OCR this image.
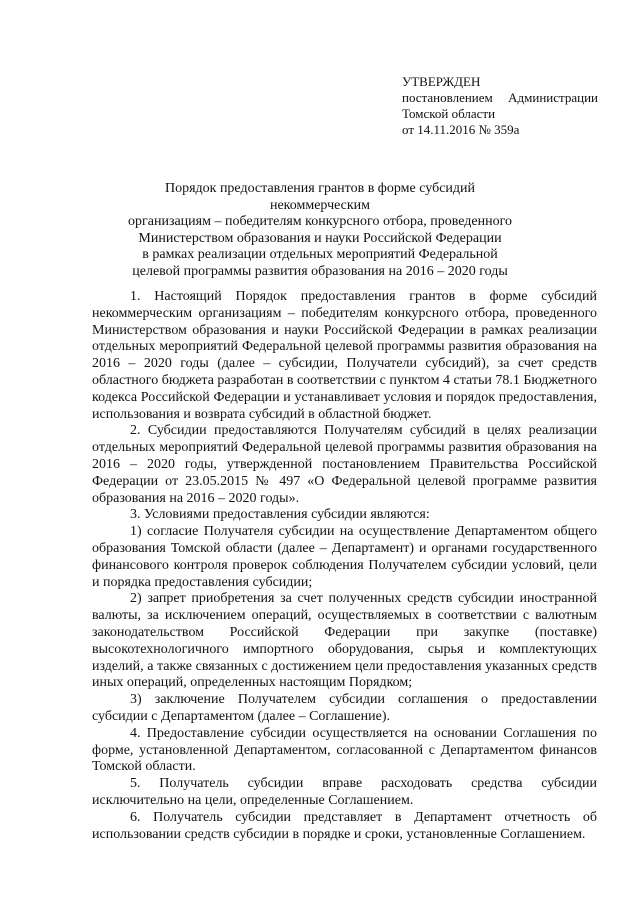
УТВЕРЖДЕН
постановлением Администрации
Томской области
от 14.11.2016 № 359а
Порядок предоставления грантов в форме субсидий некоммерческим
организациям – победителям конкурсного отбора, проведенного
Министерством образования и науки Российской Федерации
в рамках реализации отдельных мероприятий Федеральной
целевой программы развития образования на 2016 – 2020 годы

1. Настоящий Порядок предоставления грантов в форме субсидий некоммерческим организациям – победителям конкурсного отбора, проведенного Министерством образования и науки Российской Федерации в рамках реализации отдельных мероприятий Федеральной целевой программы развития образования на 2016 – 2020 годы (далее – субсидии, Получатели субсидий), за счет средств областного бюджета разработан в соответствии с пунктом 4 статьи 78.1 Бюджетного кодекса Российской Федерации и устанавливает условия и порядок предоставления, использования и возврата субсидий в областной бюджет.

2. Субсидии предоставляются Получателям субсидий в целях реализации отдельных мероприятий Федеральной целевой программы развития образования на 2016 – 2020 годы, утвержденной постановлением Правительства Российской Федерации от 23.05.2015 № 497 «О Федеральной целевой программе развития образования на 2016 – 2020 годы».

3. Условиями предоставления субсидии являются:

1) согласие Получателя субсидии на осуществление Департаментом общего образования Томской области (далее – Департамент) и органами государственного финансового контроля проверок соблюдения Получателем субсидии условий, цели и порядка предоставления субсидии;

2) запрет приобретения за счет полученных средств субсидии иностранной валюты, за исключением операций, осуществляемых в соответствии с валютным законодательством Российской Федерации при закупке (поставке) высокотехнологичного импортного оборудования, сырья и комплектующих изделий, а также связанных с достижением цели предоставления указанных средств иных операций, определенных настоящим Порядком;

3) заключение Получателем субсидии соглашения о предоставлении субсидии с Департаментом (далее – Соглашение).

4. Предоставление субсидии осуществляется на основании Соглашения по форме, установленной Департаментом, согласованной с Департаментом финансов Томской области.

5. Получатель субсидии вправе расходовать средства субсидии исключительно на цели, определенные Соглашением.

6. Получатель субсидии представляет в Департамент отчетность об использовании средств субсидии в порядке и сроки, установленные Соглашением.
